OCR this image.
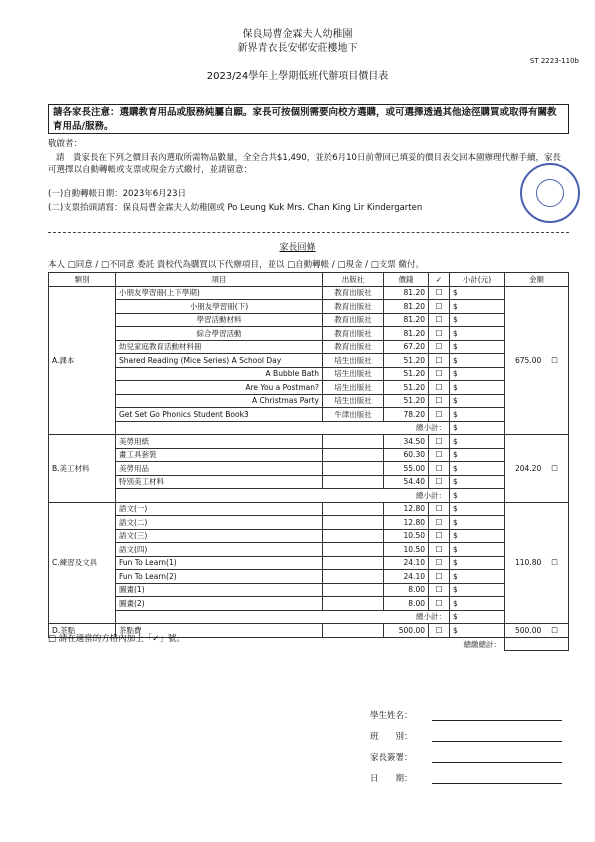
保良局曹金霖夫人幼稚園
新界青衣長安邨安莊樓地下
ST 2223-110b
2023/24學年上學期低班代辦項目價目表
請各家長注意：選購教育用品或服務純屬自願。家長可按個別需要向校方選購，或可選擇透過其他途徑購買或取得有關教育用品/服務。
敬啟者：
請　貴家長在下列之價目表內選取所需物品數量，全全合共$1,490，並於6月10日前帶回已填妥的價目表交回本園辦理代辦手續，家長可選擇以自動轉帳或支票或現金方式繳付，並請留意：
(一)自動轉帳日期：2023年6月23日
(二)支票抬頭請寫：保良局曹金霖夫人幼稚園或 Po Leung Kuk Mrs. Chan King Lir Kindergarten
家長回條
本人 □同意 / □不同意 委託 貴校代為購買以下代辦項目，並以 □自動轉帳 / □現金 / □支票 繳付。
類別	項目	出版社	價錢	✓	小計(元)	金額
A.課本	小朋友學習冊(上下學期)	教育出版社	81.20	☐	$	675.00 ☐
	小朋友學習冊(下)	教育出版社	81.20	☐	$	
	學習活動材料	教育出版社	81.20	☐	$	
	綜合學習活動	教育出版社	81.20	☐	$	
	幼兒家庭教育活動材料冊	教育出版社	67.20	☐	$	
	Shared Reading (Mice Series) A School Day	培生出版社	51.20	☐	$	
	A Bubble Bath	培生出版社	51.20	☐	$	
	Are You a Postman?	培生出版社	51.20	☐	$	
	A Christmas Party	培生出版社	51.20	☐	$	
	Get Set Go Phonics Student Book3	牛津出版社	78.20	☐	$	
	總小計：				$	
B.美工材料	美勞用紙		34.50	☐	$	204.20 ☐
	畫工具套裝		60.30	☐	$	
	美勞用品		55.00	☐	$	
	特別美工材料		54.40	☐	$	
	總小計：				$	
C.練習及文具	語文(一)		12.80	☐	$	110.80 ☐
	語文(二)		12.80	☐	$	
	語文(三)		10.50	☐	$	
	語文(四)		10.50	☐	$	
	Fun To Learn(1)		24.10	☐	$	
	Fun To Learn(2)		24.10	☐	$	
	圖畫(1)		8.00	☐	$	
	圖畫(2)		8.00	☐	$	
	總小計：				$	
D.茶點	茶點費		500.00	☐	$	500.00 ☐
			總繳總計：			
□ 請在適當的方格內加上「✓」號。
學生姓名：
班　　別：
家長簽署：
日　　期：
